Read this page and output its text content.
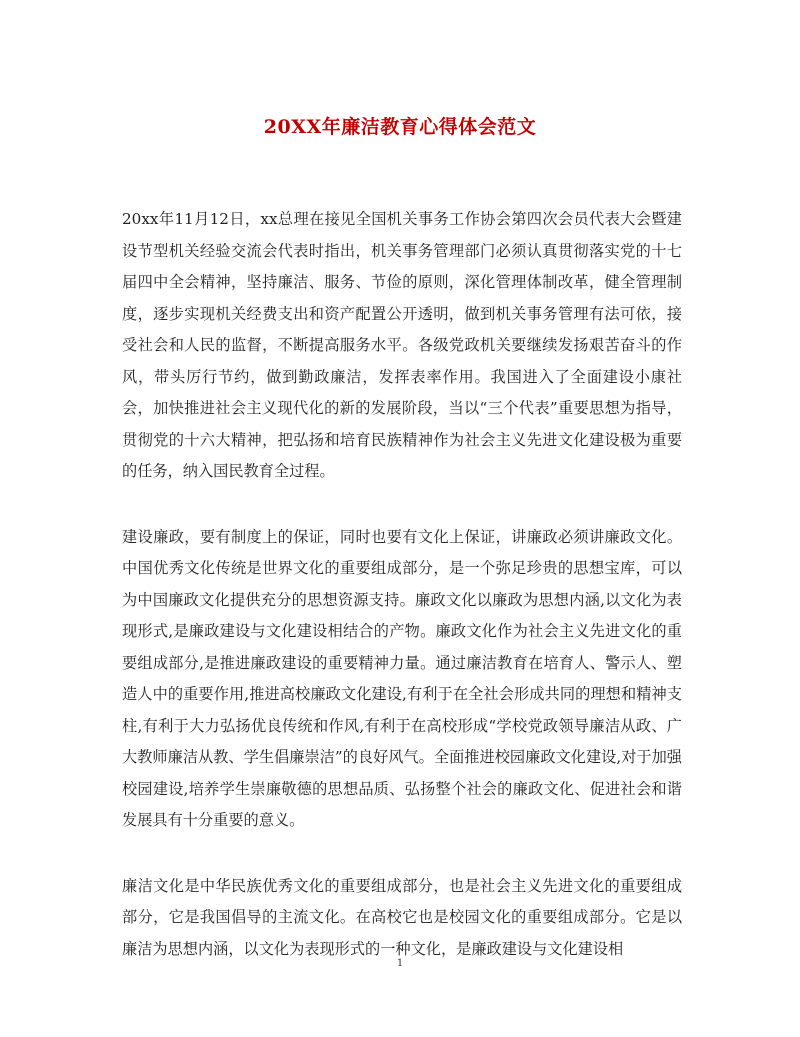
20XX年廉洁教育心得体会范文

20xx年11月12日，xx总理在接见全国机关事务工作协会第四次会员代表大会暨建设节型机关经验交流会代表时指出，机关事务管理部门必须认真贯彻落实党的十七届四中全会精神，坚持廉洁、服务、节俭的原则，深化管理体制改革，健全管理制度，逐步实现机关经费支出和资产配置公开透明，做到机关事务管理有法可依，接受社会和人民的监督，不断提高服务水平。各级党政机关要继续发扬艰苦奋斗的作风，带头厉行节约，做到勤政廉洁，发挥表率作用。我国进入了全面建设小康社会，加快推进社会主义现代化的新的发展阶段，当以“三个代表”重要思想为指导，贯彻党的十六大精神，把弘扬和培育民族精神作为社会主义先进文化建设极为重要的任务，纳入国民教育全过程。

建设廉政，要有制度上的保证，同时也要有文化上保证，讲廉政必须讲廉政文化。中国优秀文化传统是世界文化的重要组成部分，是一个弥足珍贵的思想宝库，可以为中国廉政文化提供充分的思想资源支持。廉政文化以廉政为思想内涵,以文化为表现形式,是廉政建设与文化建设相结合的产物。廉政文化作为社会主义先进文化的重要组成部分,是推进廉政建设的重要精神力量。通过廉洁教育在培育人、警示人、塑造人中的重要作用,推进高校廉政文化建设,有利于在全社会形成共同的理想和精神支柱,有利于大力弘扬优良传统和作风,有利于在高校形成“学校党政领导廉洁从政、广大教师廉洁从教、学生倡廉崇洁”的良好风气。全面推进校园廉政文化建设,对于加强校园建设,培养学生崇廉敬德的思想品质、弘扬整个社会的廉政文化、促进社会和谐发展具有十分重要的意义。

廉洁文化是中华民族优秀文化的重要组成部分，也是社会主义先进文化的重要组成部分，它是我国倡导的主流文化。在高校它也是校园文化的重要组成部分。它是以廉洁为思想内涵，以文化为表现形式的一种文化，是廉政建设与文化建设相

1
